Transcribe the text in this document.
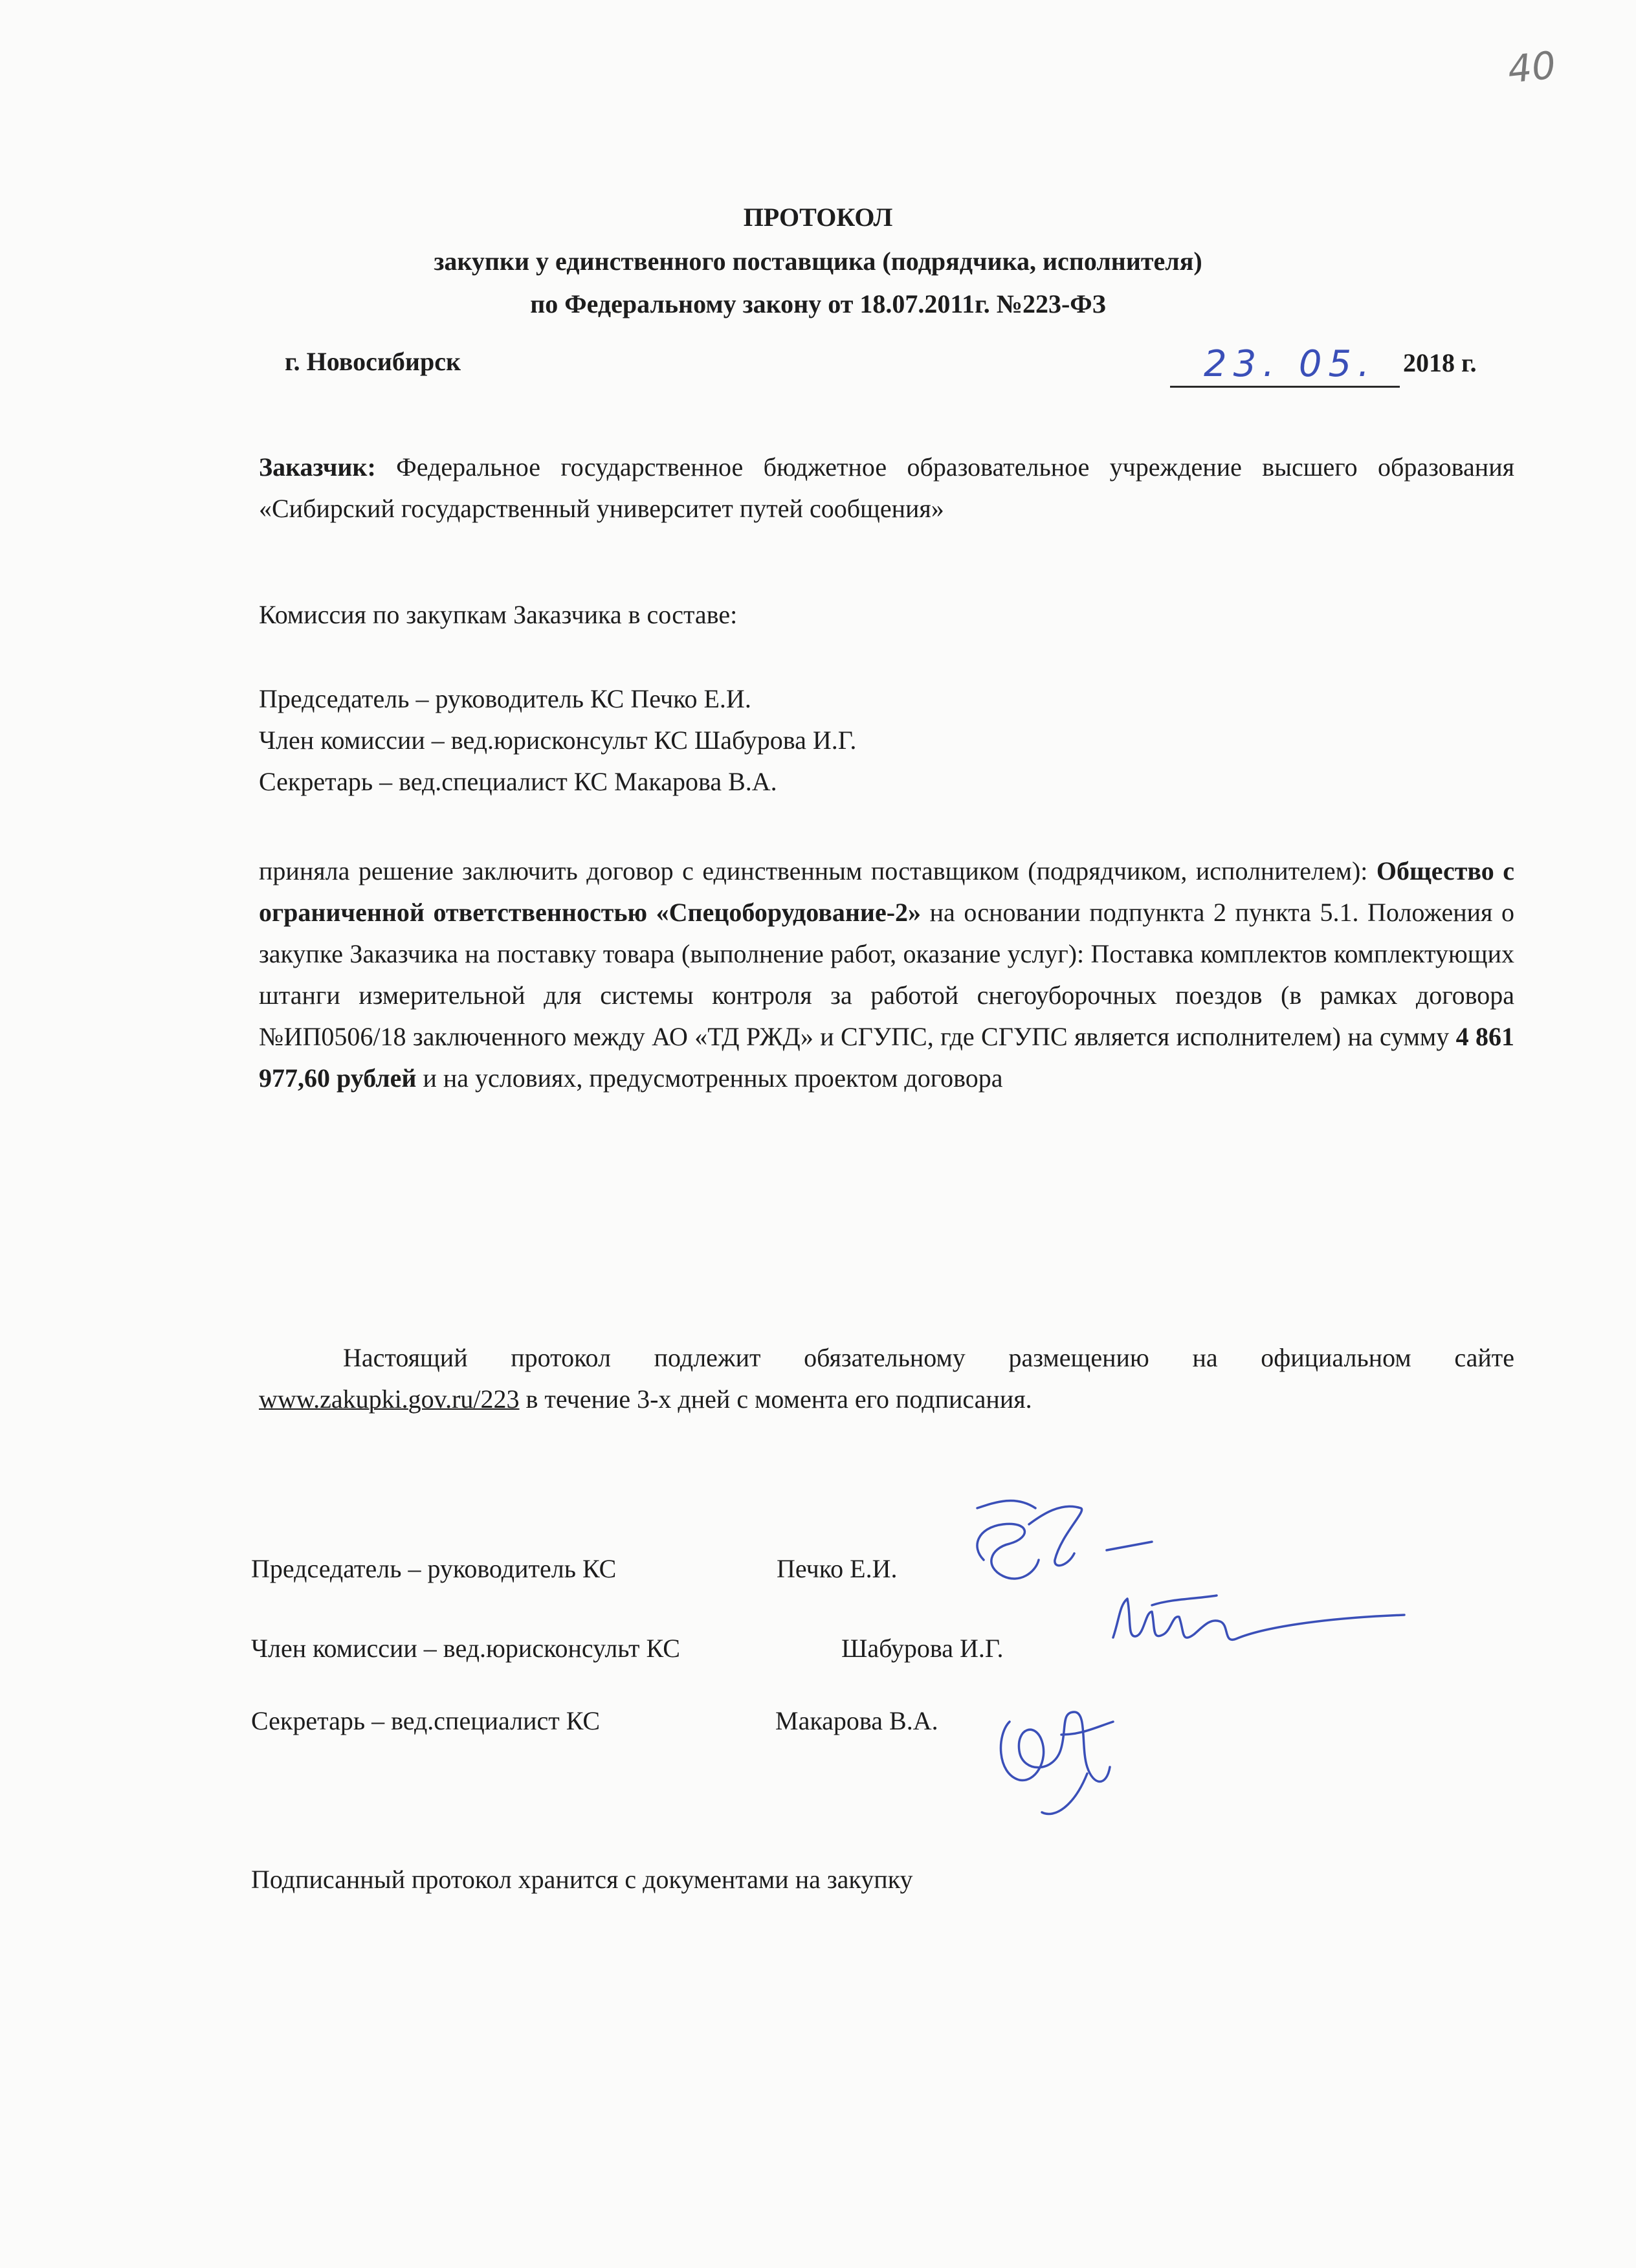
40
ПРОТОКОЛ
закупки у единственного поставщика (подрядчика, исполнителя)
по Федеральному закону от 18.07.2011г. №223-ФЗ
г. Новосибирск	23. 05. 2018 г.
Заказчик: Федеральное государственное бюджетное образовательное учреждение высшего образования «Сибирский государственный университет путей сообщения»
Комиссия по закупкам Заказчика в составе:
Председатель – руководитель КС Печко Е.И.
Член комиссии – вед.юрисконсульт КС Шабурова И.Г.
Секретарь – вед.специалист КС Макарова В.А.
приняла решение заключить договор с единственным поставщиком (подрядчиком, исполнителем): Общество с ограниченной ответственностью «Спецоборудование-2» на основании подпункта 2 пункта 5.1. Положения о закупке Заказчика на поставку товара (выполнение работ, оказание услуг): Поставка комплектов комплектующих штанги измерительной для системы контроля за работой снегоуборочных поездов (в рамках договора №ИП0506/18 заключенного между АО «ТД РЖД» и СГУПС, где СГУПС является исполнителем) на сумму 4 861 977,60 рублей и на условиях, предусмотренных проектом договора
Настоящий протокол подлежит обязательному размещению на официальном сайте www.zakupki.gov.ru/223 в течение 3-х дней с момента его подписания.
Председатель – руководитель КС	Печко Е.И.
Член комиссии – вед.юрисконсульт КС	Шабурова И.Г.
Секретарь – вед.специалист КС	Макарова В.А.
Подписанный протокол хранится с документами на закупку
